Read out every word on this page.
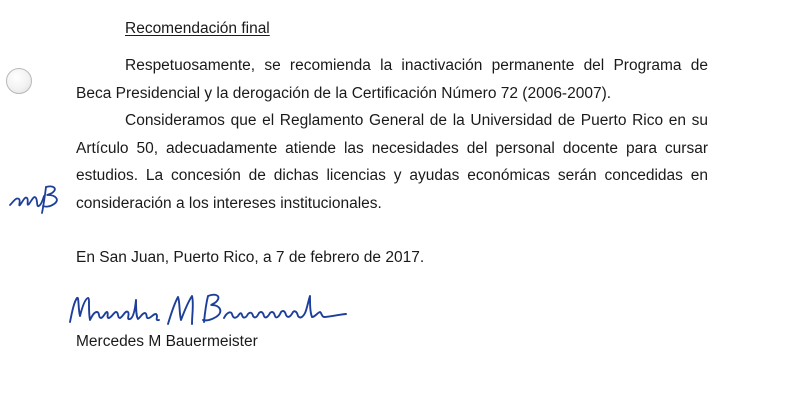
Recomendación final

Respetuosamente, se recomienda la inactivación permanente del Programa de Beca Presidencial y la derogación de la Certificación Número 72 (2006-2007).

Consideramos que el Reglamento General de la Universidad de Puerto Rico en su Artículo 50, adecuadamente atiende las necesidades del personal docente para cursar estudios. La concesión de dichas licencias y ayudas económicas serán concedidas en consideración a los intereses institucionales.

En San Juan, Puerto Rico, a 7 de febrero de 2017.
Mercedes M Bauermeister
